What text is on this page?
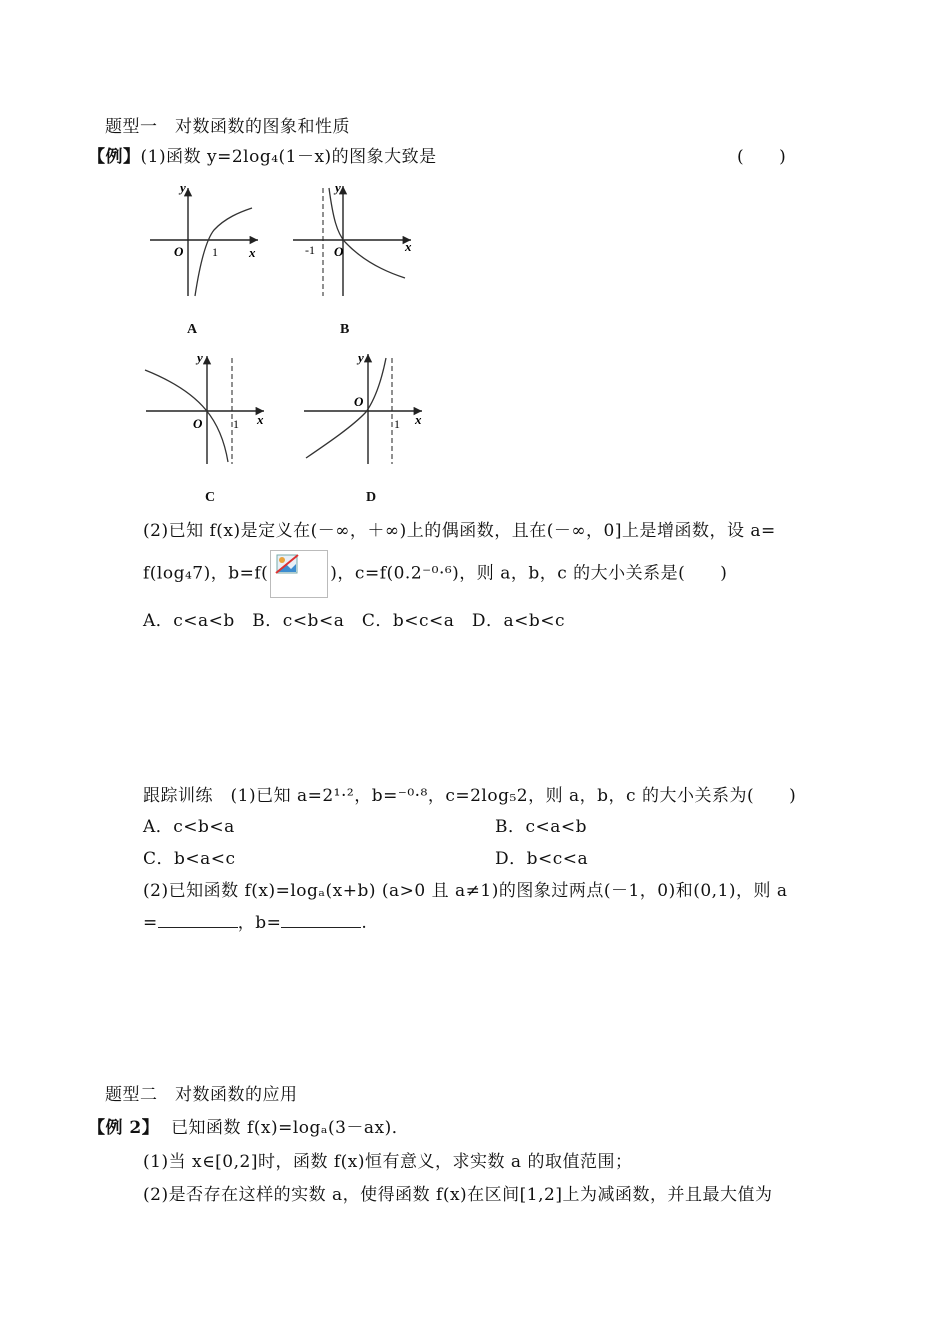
题型一　对数函数的图象和性质
【例】(1)函数 y=2log₄(1－x)的图象大致是	(　　)
y
x
O 1
A
y
x
O
-1
B
y
x
O	1
C
y
x
O
1
D
(2)已知 f(x)是定义在(－∞，＋∞)上的偶函数，且在(－∞，0]上是增函数，设 a=
f(log₄7)，b=f(	)，c=f(0.2⁻⁰·⁶)，则 a，b，c 的大小关系是(　　)
A．c<a<b　B．c<b<a　C．b<c<a　D．a<b<c
跟踪训练　(1)已知 a=2¹·²，b=⁻⁰·⁸，c=2log₅2，则 a，b，c 的大小关系为(　　)
A．c<b<a	B．c<a<b
C．b<a<c	D．b<c<a
(2)已知函数 f(x)=logₐ(x+b) (a>0 且 a≠1)的图象过两点(－1，0)和(0,1)，则 a
=	，b=	.
题型二　对数函数的应用
【例 2】 已知函数 f(x)=logₐ(3－ax)．
(1)当 x∈[0,2]时，函数 f(x)恒有意义，求实数 a 的取值范围；
(2)是否存在这样的实数 a，使得函数 f(x)在区间[1,2]上为减函数，并且最大值为
